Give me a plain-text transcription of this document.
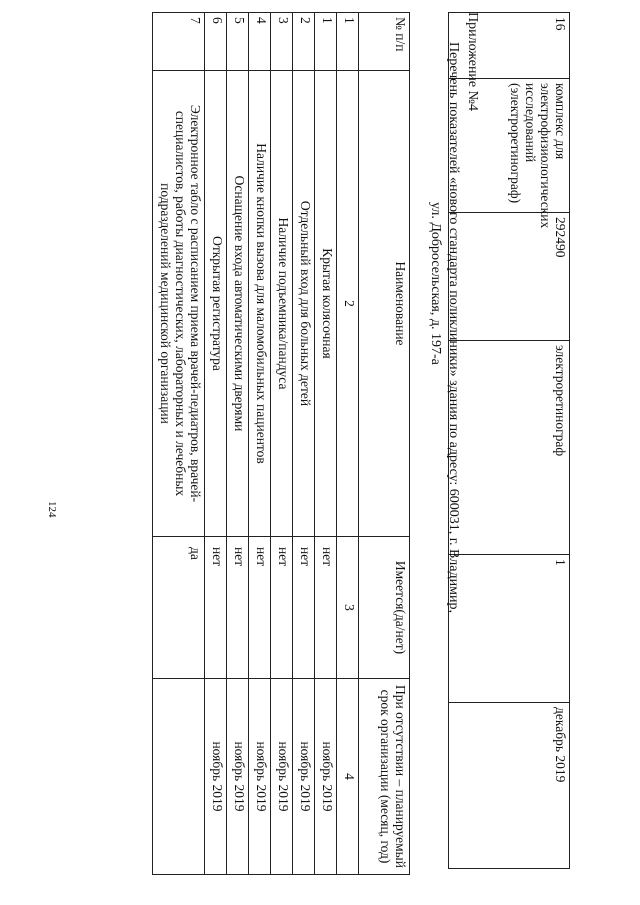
124
16	комплекс для электрофизиологических исследований (электроретинограф)	292490	электроретинограф	1	декабрь 2019
Приложение №4
Перечень показателей «нового стандарта поликлиники» здания по адресу: 600031, г. Владимир,
ул. Добросельская, д. 197-а
№ п/п	Наименование	Имеется(да/нет)	При отсутствии – планируемый срок организации (месяц, год)
1	2	3	4
1	Крытая колясочная	нет	ноябрь 2019
2	Отдельный вход для больных детей	нет	ноябрь 2019
3	Наличие подъемника/пандуса	нет	ноябрь 2019
4	Наличие кнопки вызова для маломобильных пациентов	нет	ноябрь 2019
5	Оснащение входа автоматическими дверями	нет	ноябрь 2019
6	Открытая регистратура	нет	ноябрь 2019
7	Электронное табло с расписанием приема врачей-педиатров, врачей-специалистов, работы диагностических, лабораторных и лечебных подразделений медицинской организации	да	
